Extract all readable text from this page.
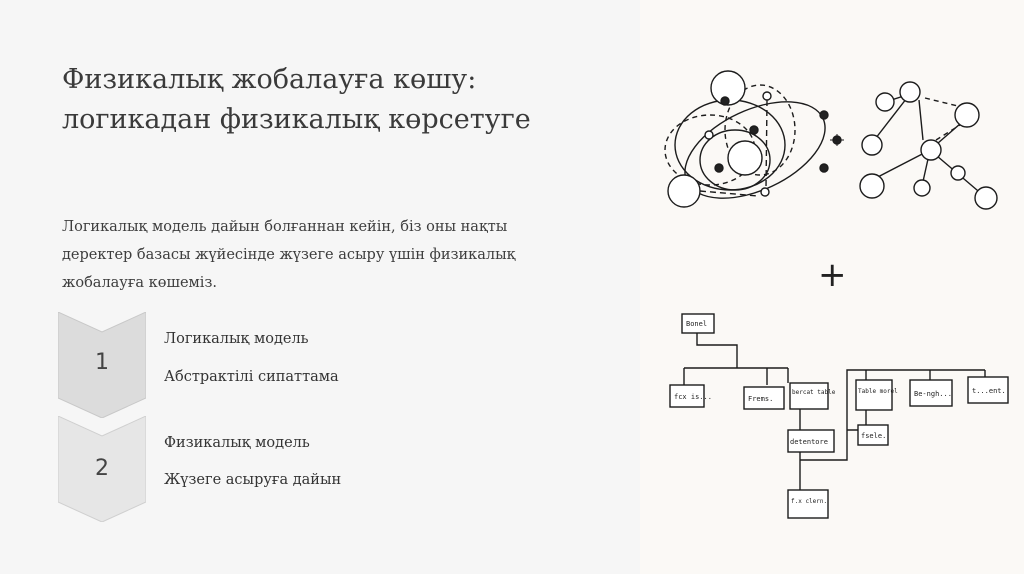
Физикалық жобалауға көшу:
логикадан физикалық көрсетуге
Логикалық модель дайын болғаннан кейін, біз оны нақты
деректер базасы жүйесінде жүзеге асыру үшін физикалық
жобалауға көшеміз.
1
Логикалық модель
Абстрактілі сипаттама
2
Физикалық модель
Жүзеге асыруға дайын
Bonel
fcx is...	Frems.
bercat table	Table morel Be-ngh...	t...ent.
detentore
fsele.
f.x clern.
+
